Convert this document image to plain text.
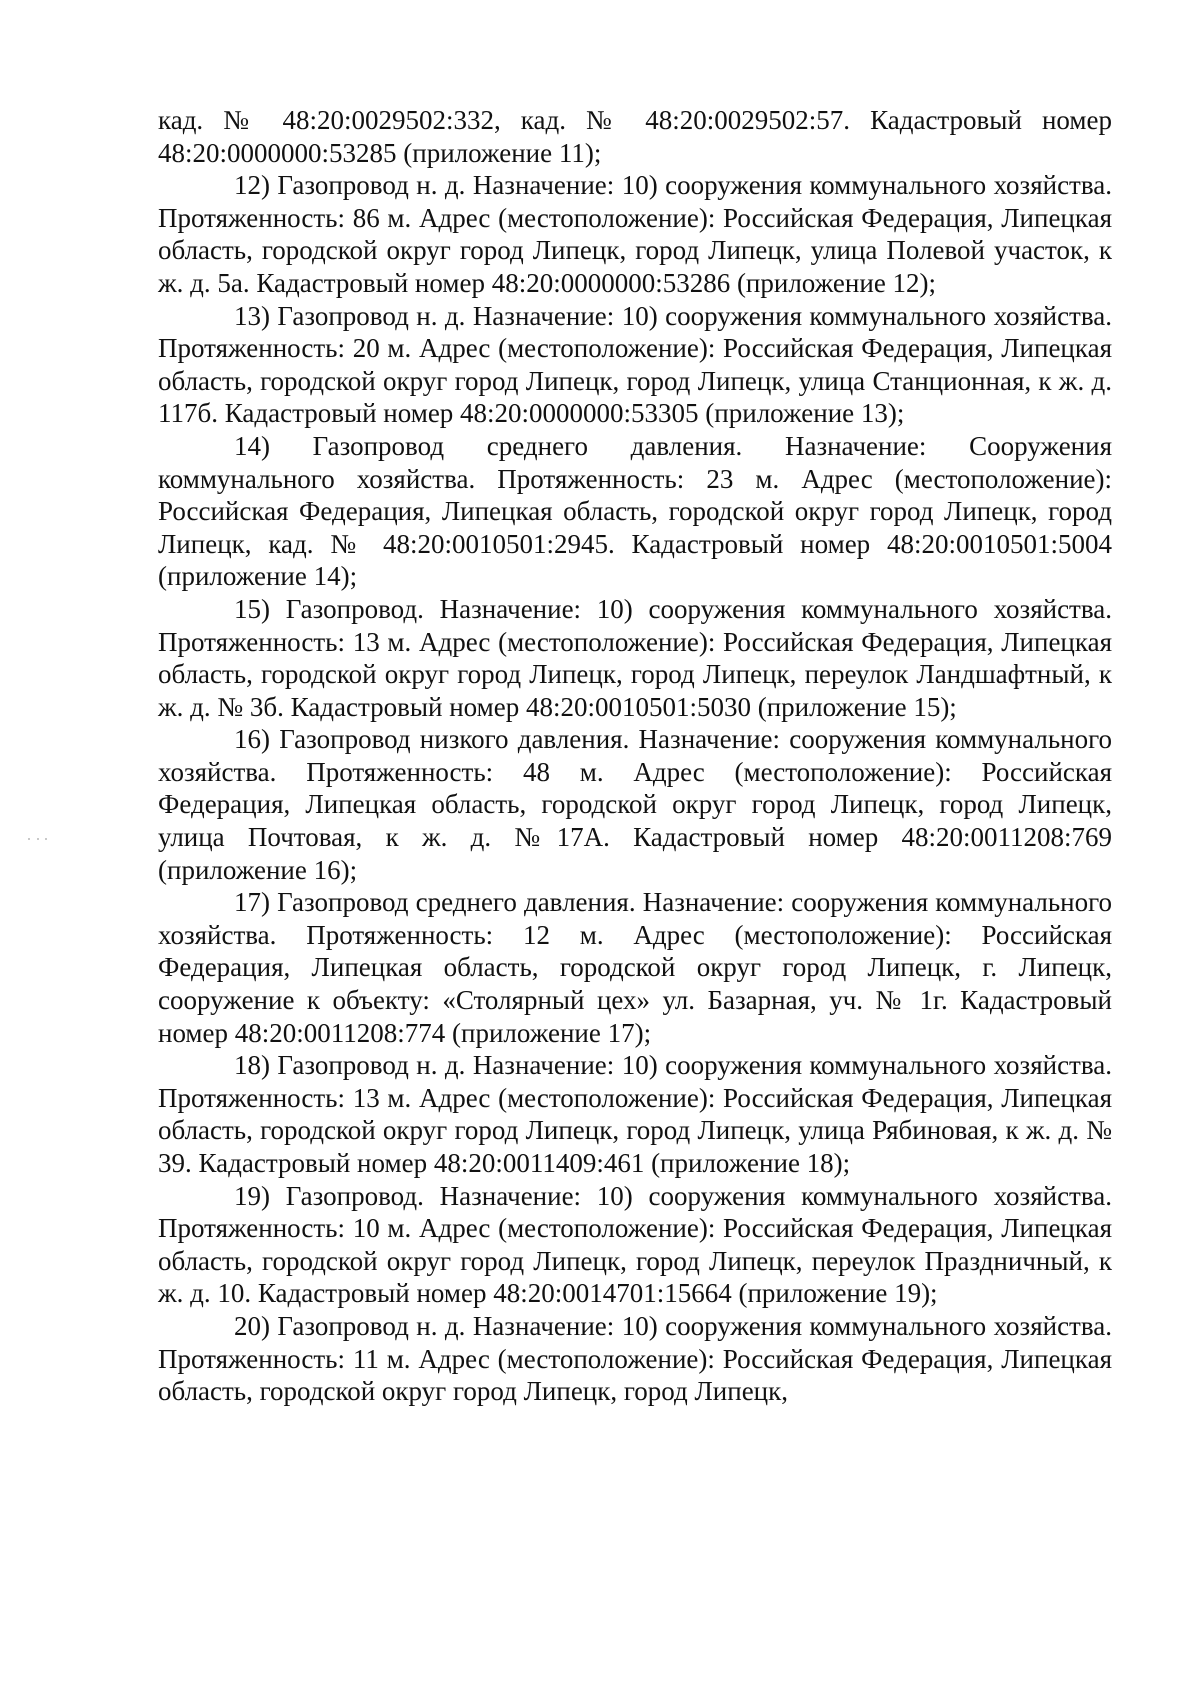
кад. № 48:20:0029502:332, кад. № 48:20:0029502:57. Кадастровый номер 48:20:0000000:53285 (приложение 11);

12) Газопровод н. д. Назначение: 10) сооружения коммунального хозяйства. Протяженность: 86 м. Адрес (местоположение): Российская Федерация, Липецкая область, городской округ город Липецк, город Липецк, улица Полевой участок, к ж. д. 5а. Кадастровый номер 48:20:0000000:53286 (приложение 12);

13) Газопровод н. д. Назначение: 10) сооружения коммунального хозяйства. Протяженность: 20 м. Адрес (местоположение): Российская Федерация, Липецкая область, городской округ город Липецк, город Липецк, улица Станционная, к ж. д. 117б. Кадастровый номер 48:20:0000000:53305 (приложение 13);

14) Газопровод среднего давления. Назначение: Сооружения коммунального хозяйства. Протяженность: 23 м. Адрес (местоположение): Российская Федерация, Липецкая область, городской округ город Липецк, город Липецк, кад. № 48:20:0010501:2945. Кадастровый номер 48:20:0010501:5004 (приложение 14);

15) Газопровод. Назначение: 10) сооружения коммунального хозяйства. Протяженность: 13 м. Адрес (местоположение): Российская Федерация, Липецкая область, городской округ город Липецк, город Липецк, переулок Ландшафтный, к ж. д. № 3б. Кадастровый номер 48:20:0010501:5030 (приложение 15);

16) Газопровод низкого давления. Назначение: сооружения коммунального хозяйства. Протяженность: 48 м. Адрес (местоположение): Российская Федерация, Липецкая область, городской округ город Липецк, город Липецк, улица Почтовая, к ж. д. №17А. Кадастровый номер 48:20:0011208:769 (приложение 16);

17) Газопровод среднего давления. Назначение: сооружения коммунального хозяйства. Протяженность: 12 м. Адрес (местоположение): Российская Федерация, Липецкая область, городской округ город Липецк, г. Липецк, сооружение к объекту: «Столярный цех» ул. Базарная, уч. № 1г. Кадастровый номер 48:20:0011208:774 (приложение 17);

18) Газопровод н. д. Назначение: 10) сооружения коммунального хозяйства. Протяженность: 13 м. Адрес (местоположение): Российская Федерация, Липецкая область, городской округ город Липецк, город Липецк, улица Рябиновая, к ж. д. № 39. Кадастровый номер 48:20:0011409:461 (приложение 18);

19) Газопровод. Назначение: 10) сооружения коммунального хозяйства. Протяженность: 10 м. Адрес (местоположение): Российская Федерация, Липецкая область, городской округ город Липецк, город Липецк, переулок Праздничный, к ж. д. 10. Кадастровый номер 48:20:0014701:15664 (приложение 19);

20) Газопровод н. д. Назначение: 10) сооружения коммунального хозяйства. Протяженность: 11 м. Адрес (местоположение): Российская Федерация, Липецкая область, городской округ город Липецк, город Липецк,
